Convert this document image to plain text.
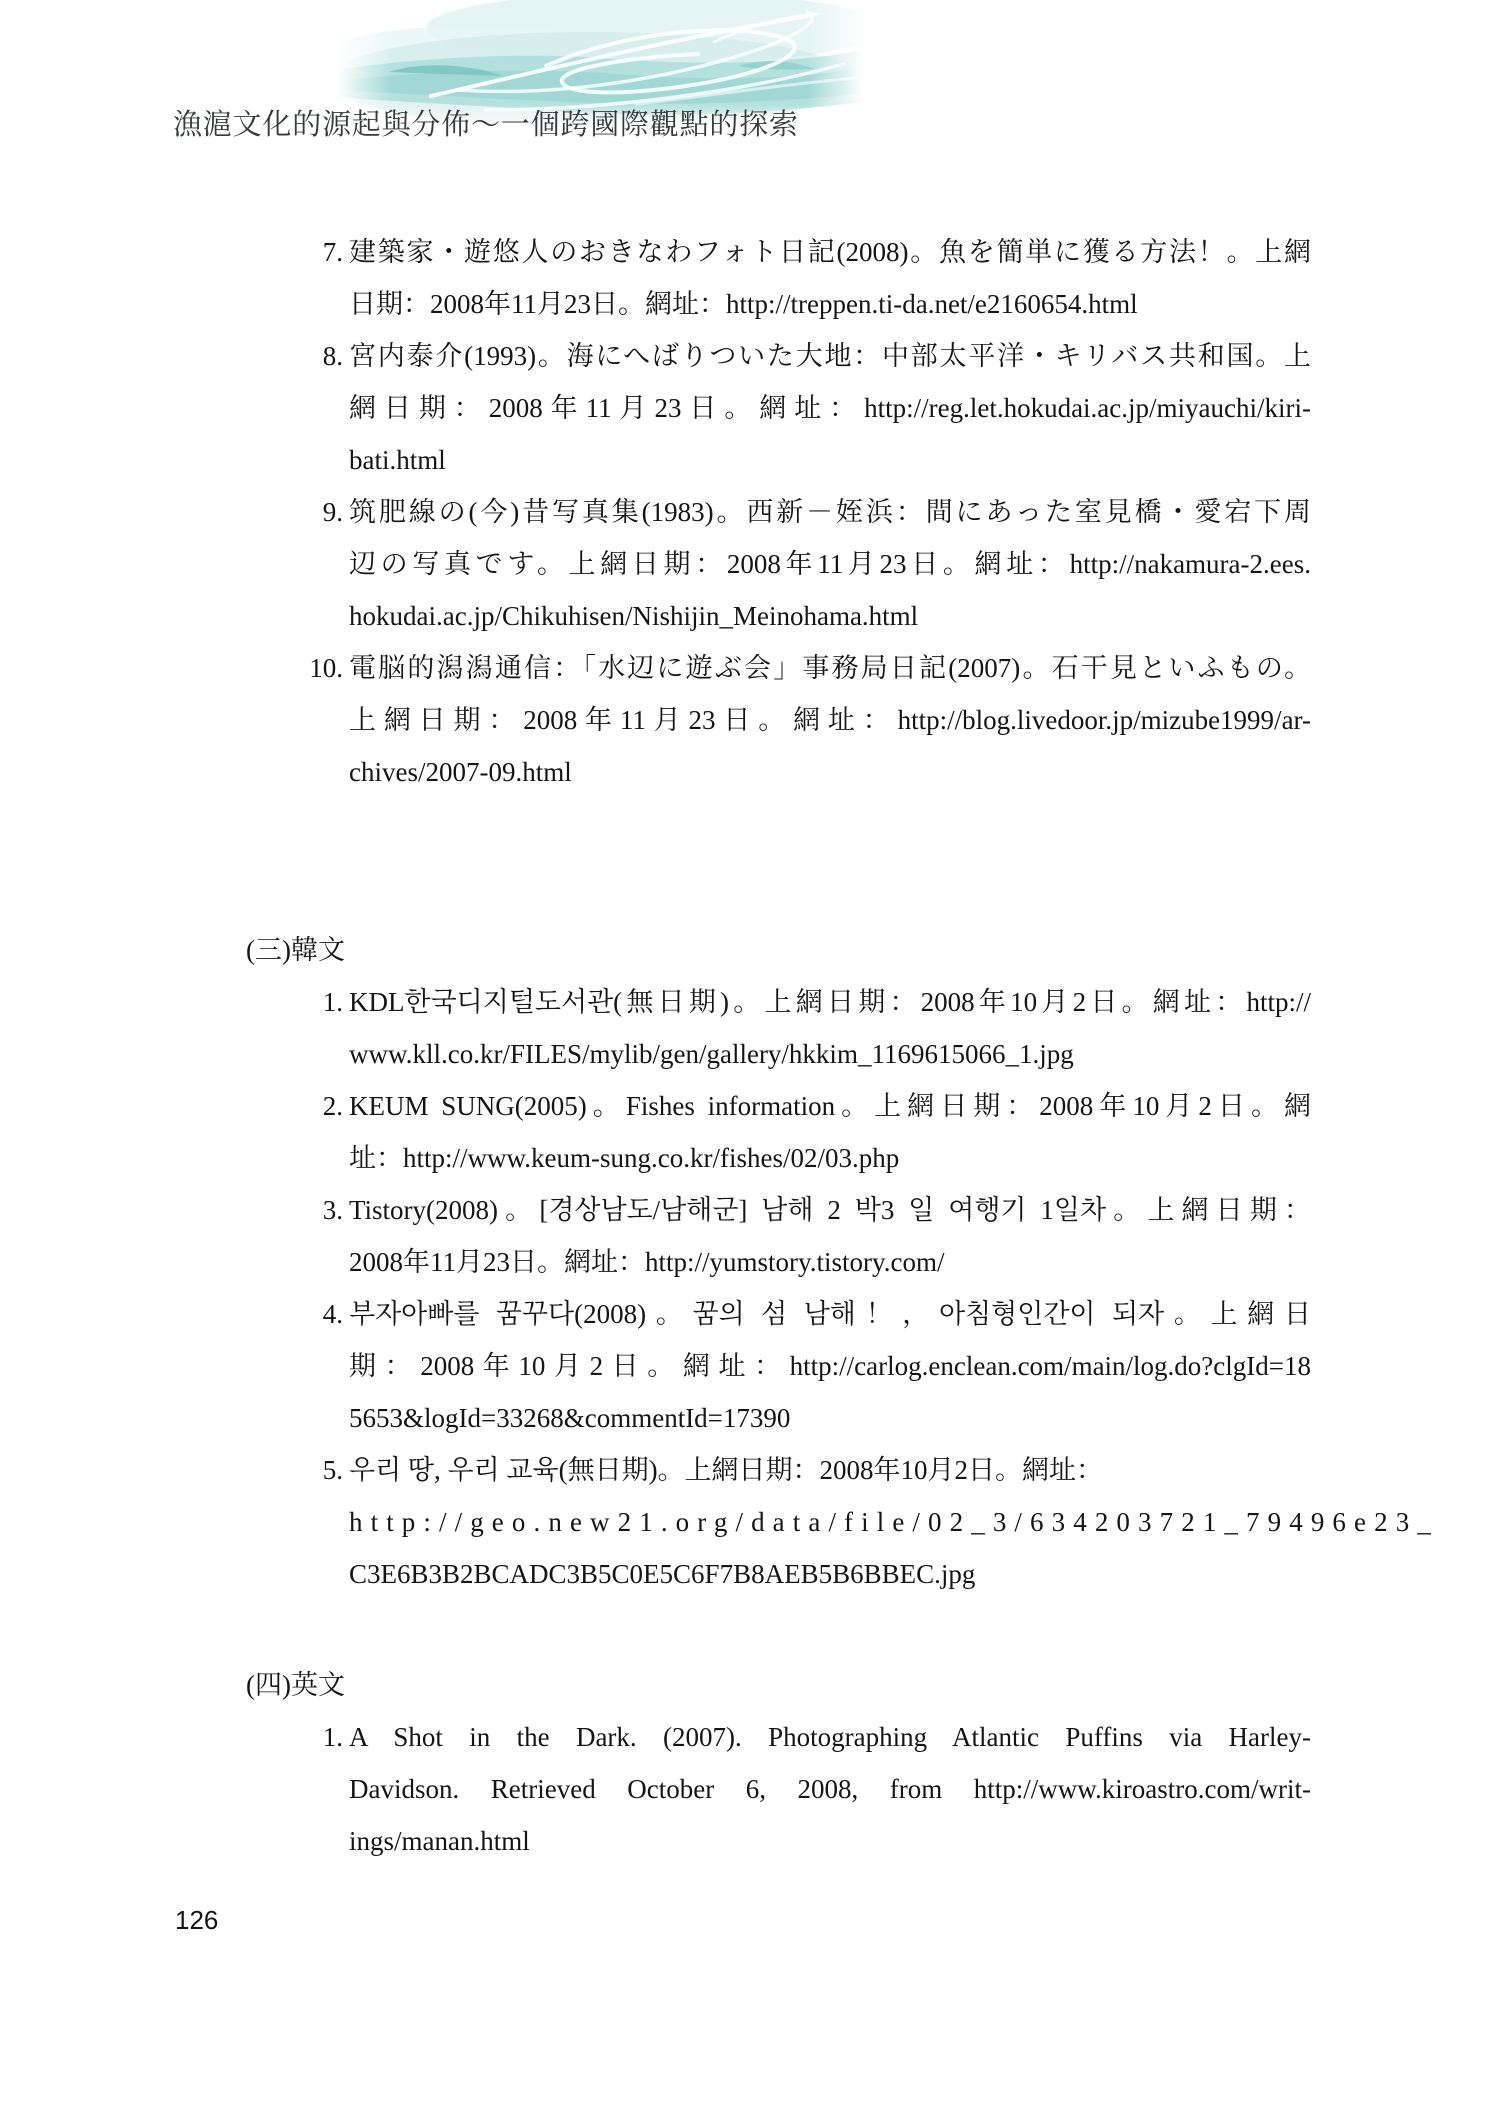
漁滬文化的源起與分佈～一個跨國際觀點的探索
7. 建築家・遊悠人のおきなわフォト日記(2008)。魚を簡単に獲る方法！。上網
日期：2008年11月23日。網址：http://treppen.ti-da.net/e2160654.html
8. 宮内泰介(1993)。海にへばりついた大地：中部太平洋・キリバス共和国。上
網日期：2008年11月23日。網址：http://reg.let.hokudai.ac.jp/miyauchi/kiri-
bati.html
9. 筑肥線の(今)昔写真集(1983)。西新－姪浜：間にあった室見橋・愛宕下周
辺の写真です。上網日期：2008年11月23日。網址：http://nakamura-2.ees.
hokudai.ac.jp/Chikuhisen/Nishijin_Meinohama.html
10. 電脳的潟潟通信：「水辺に遊ぶ会」事務局日記(2007)。石干見といふもの。
上網日期：2008年11月23日。網址：http://blog.livedoor.jp/mizube1999/ar-
chives/2007-09.html
(三)韓文
1. KDL한국디지털도서관(無日期)。上網日期：2008年10月2日。網址：http://
www.kll.co.kr/FILES/mylib/gen/gallery/hkkim_1169615066_1.jpg
2. KEUM SUNG(2005)。Fishes information。上網日期：2008年10月2日。網
址：http://www.keum-sung.co.kr/fishes/02/03.php
3. Tistory(2008)。[경상남도/남해군] 남해 2 박3 일 여행기 1일차。上網日期：
2008年11月23日。網址：http://yumstory.tistory.com/
4. 부자아빠를 꿈꾸다(2008)。꿈의 섬 남해！，아침형인간이 되자。上網日
期：2008年10月2日。網址：http://carlog.enclean.com/main/log.do?clgId=18
5653&logId=33268&commentId=17390
5. 우리 땅, 우리 교육(無日期)。上網日期：2008年10月2日。網址：
http://geo.new21.org/data/file/02_3/634203721_79496e23_
C3E6B3B2BCADC3B5C0E5C6F7B8AEB5B6BBEC.jpg
(四)英文
1. A Shot in the Dark. (2007). Photographing Atlantic Puffins via Harley-
Davidson. Retrieved October 6, 2008, from http://www.kiroastro.com/writ-
ings/manan.html
126
